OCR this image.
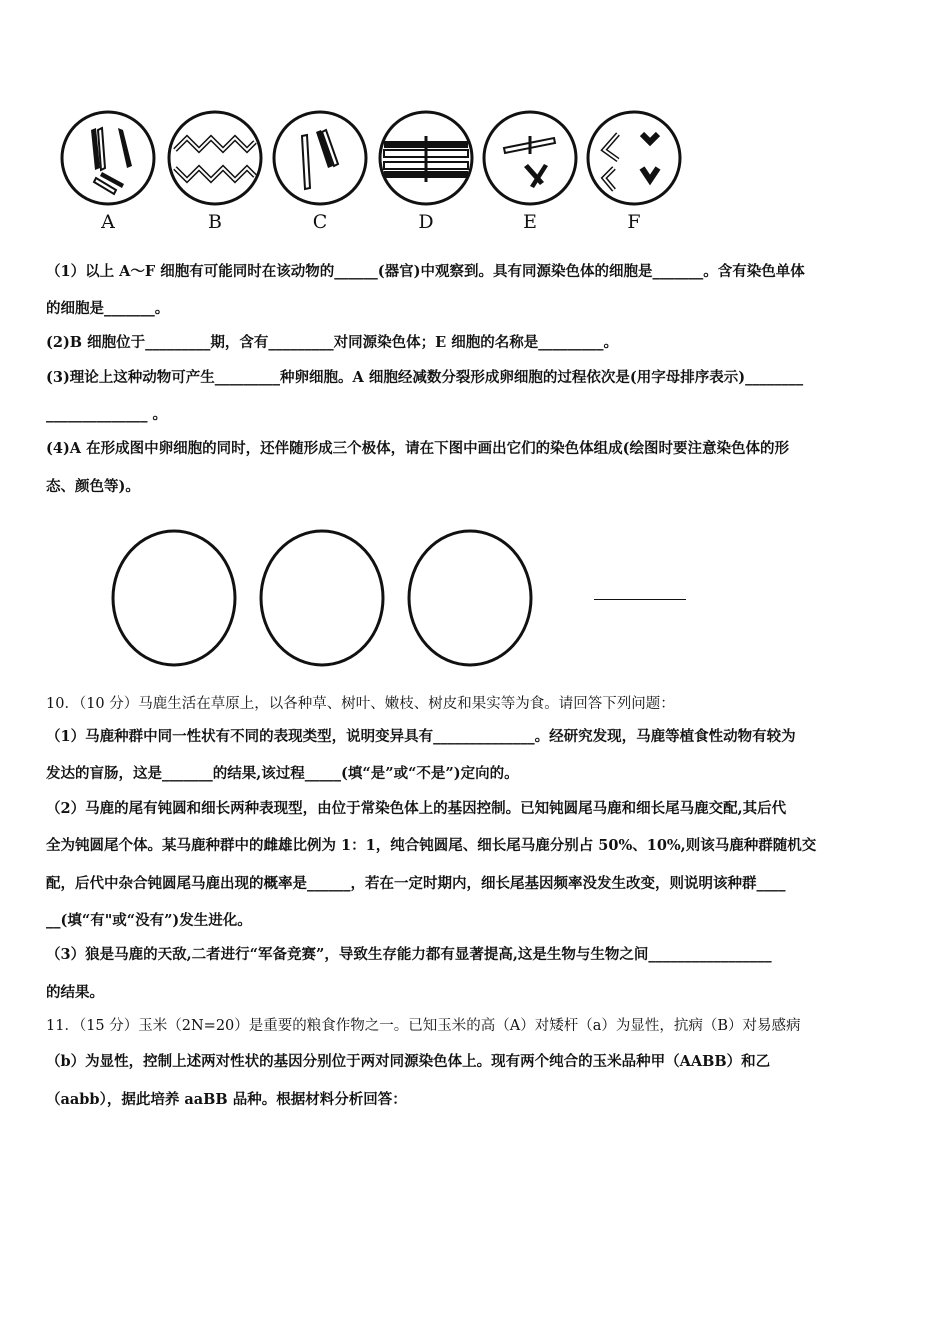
A	B	C	D	E	F
（1）以上 A～F 细胞有可能同时在该动物的______(器官)中观察到。具有同源染色体的细胞是_______。含有染色单体
的细胞是_______。
(2)B 细胞位于_________期，含有_________对同源染色体；E 细胞的名称是_________。
(3)理论上这种动物可产生_________种卵细胞。A 细胞经减数分裂形成卵细胞的过程依次是(用字母排序表示)________
______________ 。
(4)A 在形成图中卵细胞的同时，还伴随形成三个极体，请在下图中画出它们的染色体组成(绘图时要注意染色体的形
态、颜色等)。
10．（10 分）马鹿生活在草原上，以各种草、树叶、嫩枝、树皮和果实等为食。请回答下列问题：
（1）马鹿种群中同一性状有不同的表现类型，说明变异具有______________。经研究发现，马鹿等植食性动物有较为
发达的盲肠，这是_______的结果,该过程_____(填“是”或“不是”)定向的。
（2）马鹿的尾有钝圆和细长两种表现型，由位于常染色体上的基因控制。已知钝圆尾马鹿和细长尾马鹿交配,其后代
全为钝圆尾个体。某马鹿种群中的雌雄比例为 1：1，纯合钝圆尾、细长尾马鹿分别占 50%、10%,则该马鹿种群随机交
配，后代中杂合钝圆尾马鹿出现的概率是______，若在一定时期内，细长尾基因频率没发生改变，则说明该种群____
__(填“有"或“没有”)发生进化。
（3）狼是马鹿的天敌,二者进行“军备竞赛”，导致生存能力都有显著提高,这是生物与生物之间_________________
的结果。
11．（15 分）玉米（2N=20）是重要的粮食作物之一。已知玉米的高（A）对矮杆（a）为显性，抗病（B）对易感病
（b）为显性，控制上述两对性状的基因分别位于两对同源染色体上。现有两个纯合的玉米品种甲（AABB）和乙
（aabb），据此培养 aaBB 品种。根据材料分析回答：
